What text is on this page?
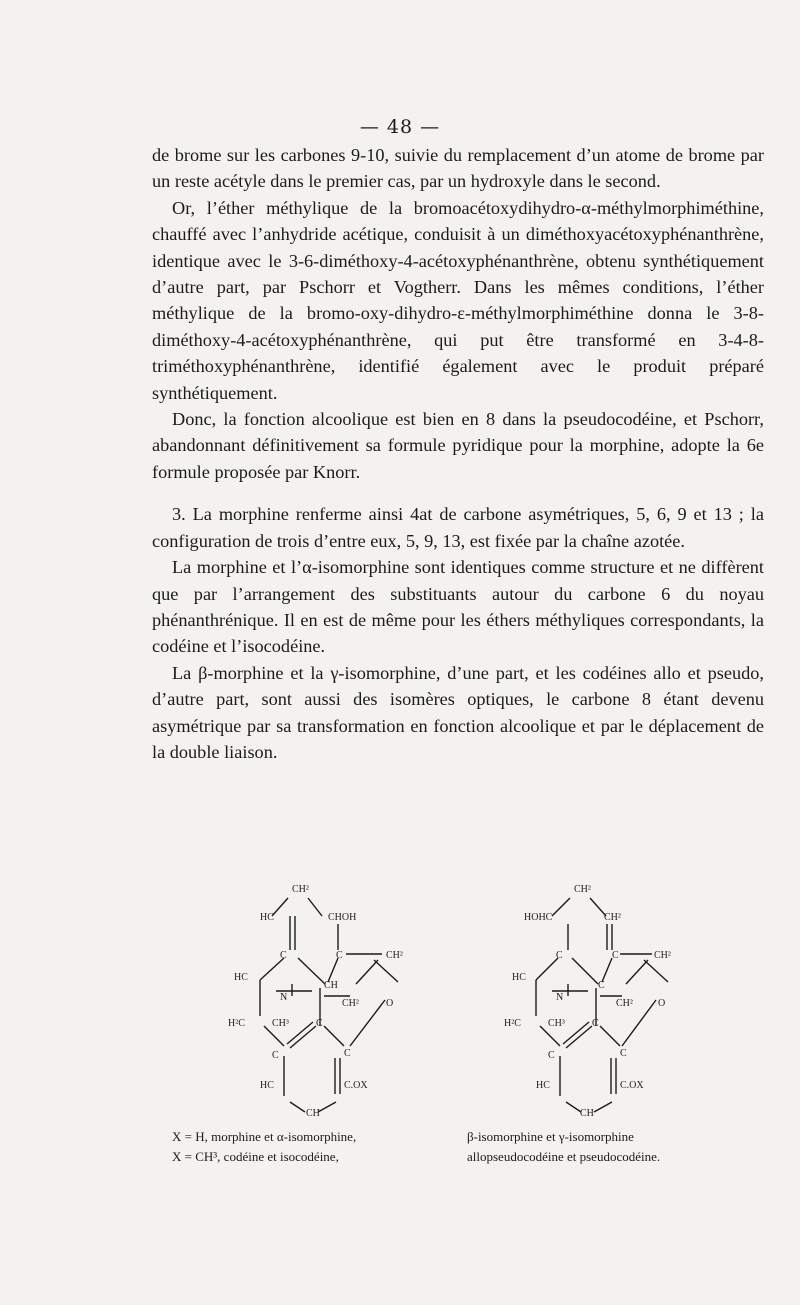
— 48 —

de brome sur les carbones 9-10, suivie du remplacement d’un atome de brome par un reste acétyle dans le premier cas, par un hydroxyle dans le second.

Or, l’éther méthylique de la bromoacétoxydihydro-α-méthylmorphiméthine, chauffé avec l’anhydride acétique, conduisit à un diméthoxyacétoxyphénanthrène, identique avec le 3-6-diméthoxy-4-acétoxyphénanthrène, obtenu synthétiquement d’autre part, par Pschorr et Vogtherr. Dans les mêmes conditions, l’éther méthylique de la bromo-oxy-dihydro-ε-méthylmorphiméthine donna le 3-8-diméthoxy-4-acétoxyphénanthrène, qui put être transformé en 3-4-8-triméthoxyphénanthrène, identifié également avec le produit préparé synthétiquement.

Donc, la fonction alcoolique est bien en 8 dans la pseudocodéine, et Pschorr, abandonnant définitivement sa formule pyridique pour la morphine, adopte la 6e formule proposée par Knorr.

3. La morphine renferme ainsi 4at de carbone asymétriques, 5, 6, 9 et 13 ; la configuration de trois d’entre eux, 5, 9, 13, est fixée par la chaîne azotée.

La morphine et l’α-isomorphine sont identiques comme structure et ne diffèrent que par l’arrangement des substituants autour du carbone 6 du noyau phénanthrénique. Il en est de même pour les éthers méthyliques correspondants, la codéine et l’isocodéine.

La β-morphine et la γ-isomorphine, d’une part, et les codéines allo et pseudo, d’autre part, sont aussi des isomères optiques, le carbone 8 étant devenu asymétrique par sa transformation en fonction alcoolique et par le déplacement de la double liaison.

CH²
HC	CHOH
C	C	CH²
HC
CH
N
CH²	O
H²C	CH³	C
C	C
HC	C.OX
CH
CH²
HOHC	CH²
C	C	CH²
HC
C
N
CH²	O
H²C	CH³	C
C	C
HC	C.OX
CH
X = H, morphine et α-isomorphine,
X = CH³, codéine et isocodéine,
β-isomorphine et γ-isomorphine
allopseudocodéine et pseudocodéine.
